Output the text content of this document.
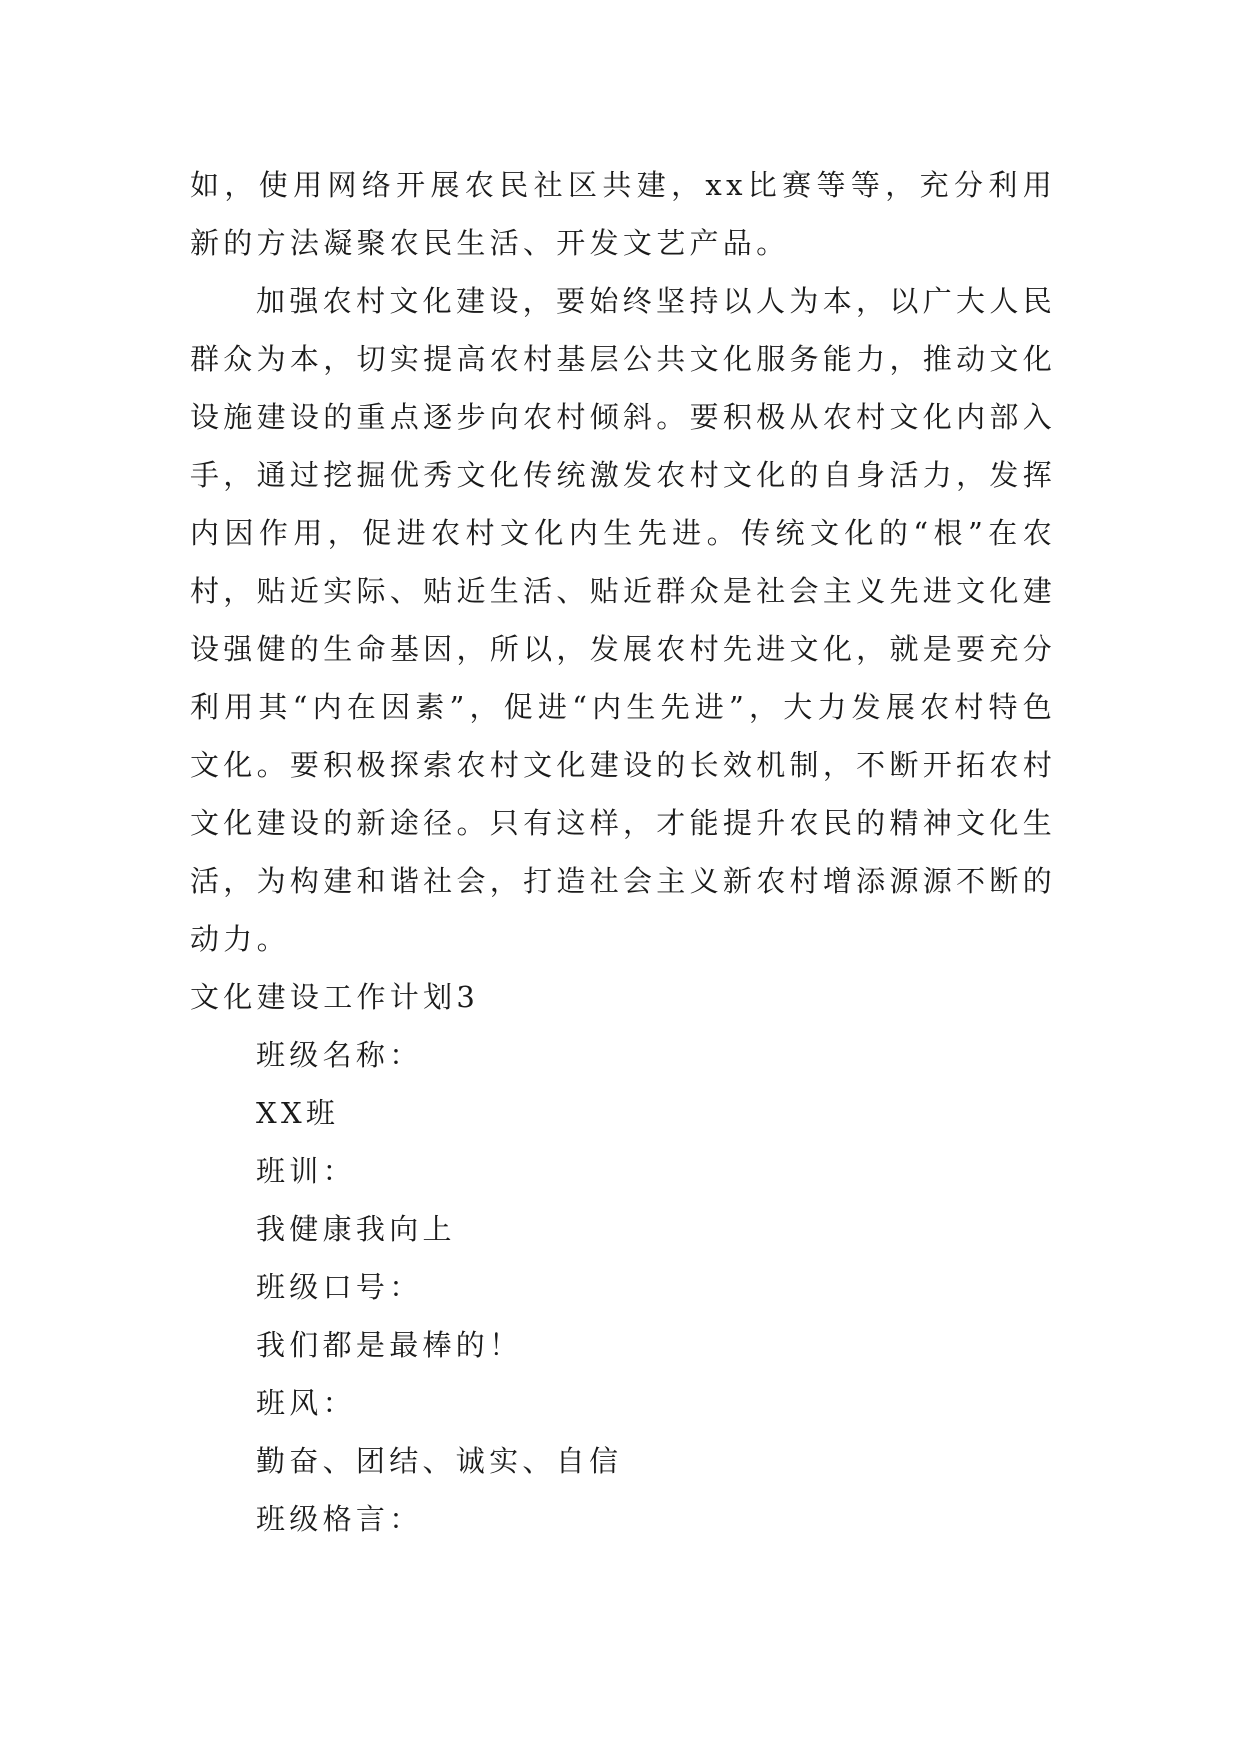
如，使用网络开展农民社区共建，xx比赛等等，充分利用新的方法凝聚农民生活、开发文艺产品。

加强农村文化建设，要始终坚持以人为本，以广大人民群众为本，切实提高农村基层公共文化服务能力，推动文化设施建设的重点逐步向农村倾斜。要积极从农村文化内部入手，通过挖掘优秀文化传统激发农村文化的自身活力，发挥内因作用，促进农村文化内生先进。传统文化的“根”在农村，贴近实际、贴近生活、贴近群众是社会主义先进文化建设强健的生命基因，所以，发展农村先进文化，就是要充分利用其“内在因素”，促进“内生先进”，大力发展农村特色文化。要积极探索农村文化建设的长效机制，不断开拓农村文化建设的新途径。只有这样，才能提升农民的精神文化生活，为构建和谐社会，打造社会主义新农村增添源源不断的动力。

文化建设工作计划3

班级名称：

XX班

班训：

我健康我向上

班级口号：

我们都是最棒的！

班风：

勤奋、团结、诚实、自信

班级格言：
